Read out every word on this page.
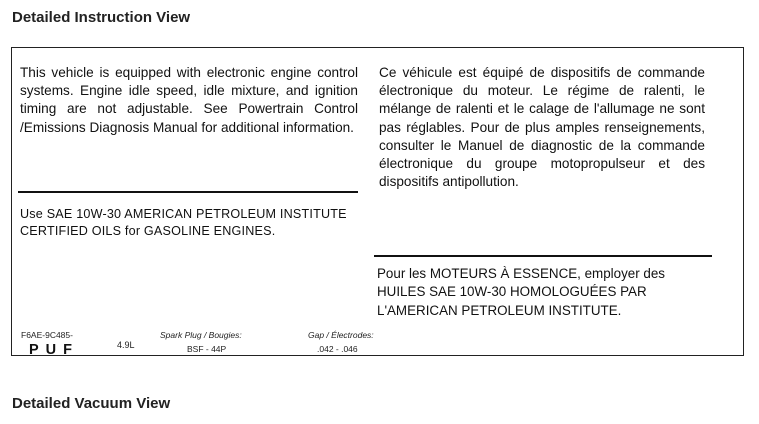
Detailed Instruction View

This vehicle is equipped with electronic engine control systems. Engine idle speed, idle mixture, and ignition timing are not adjustable. See Powertrain Control /Emissions Diagnosis Manual for additional information.

Use SAE 10W-30 AMERICAN PETROLEUM INSTITUTE CERTIFIED OILS for GASOLINE ENGINES.

Ce véhicule est équipé de dispositifs de commande électronique du moteur. Le régime de ralenti, le mélange de ralenti et le calage de l'allumage ne sont pas réglables. Pour de plus amples renseignements, consulter le Manuel de diagnostic de la commande électronique du groupe motopropulseur et des dispositifs antipollution.

Pour les MOTEURS À ESSENCE, employer des HUILES SAE 10W-30 HOMOLOGUÉES PAR L'AMERICAN PETROLEUM INSTITUTE.

F6AE-9C485-
PUF	4.9L
Spark Plug / Bougies:
BSF - 44P
Gap / Électrodes:
.042 - .046
Detailed Vacuum View
